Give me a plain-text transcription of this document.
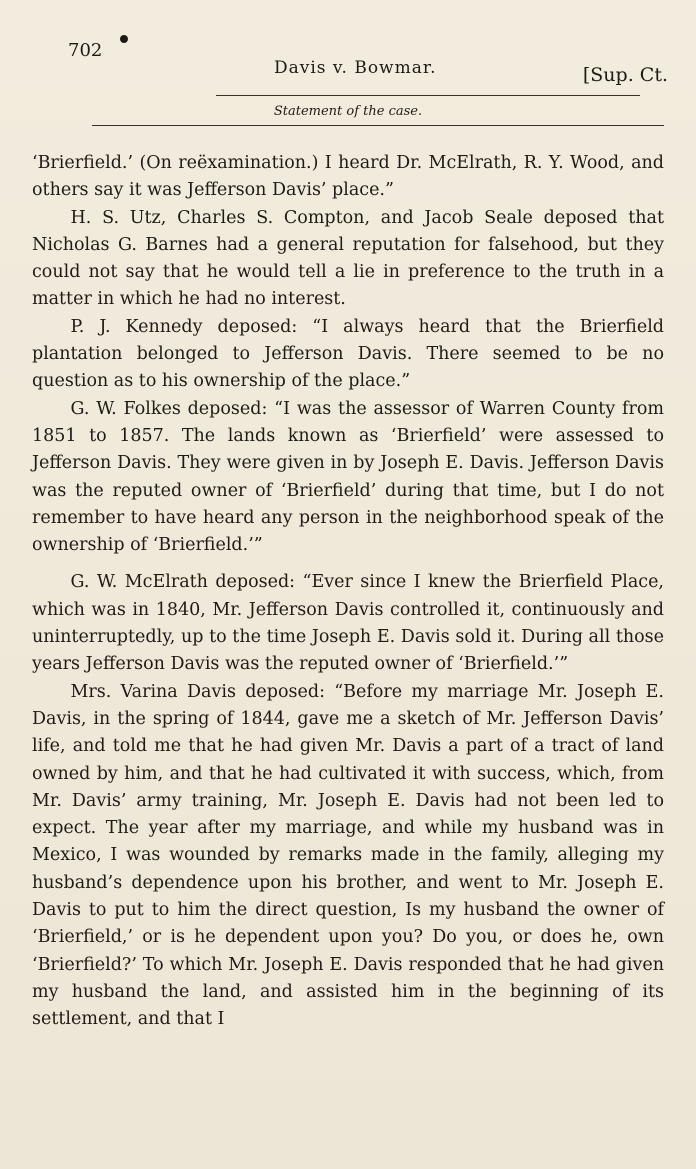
702
Davis v. Bowmar.	[Sup. Ct.
Statement of the case.

‘Brierfield.’ (On reëxamination.) I heard Dr. McElrath, R. Y. Wood, and others say it was Jefferson Davis’ place.”

H. S. Utz, Charles S. Compton, and Jacob Seale deposed that Nicholas G. Barnes had a general reputation for falsehood, but they could not say that he would tell a lie in preference to the truth in a matter in which he had no interest.

P. J. Kennedy deposed: “I always heard that the Brierfield plantation belonged to Jefferson Davis. There seemed to be no question as to his ownership of the place.”

G. W. Folkes deposed: “I was the assessor of Warren County from 1851 to 1857. The lands known as ‘Brierfield’ were assessed to Jefferson Davis. They were given in by Joseph E. Davis. Jefferson Davis was the reputed owner of ‘Brierfield’ during that time, but I do not remember to have heard any person in the neighborhood speak of the ownership of ‘Brierfield.’”

G. W. McElrath deposed: “Ever since I knew the Brierfield Place, which was in 1840, Mr. Jefferson Davis controlled it, continuously and uninterruptedly, up to the time Joseph E. Davis sold it. During all those years Jefferson Davis was the reputed owner of ‘Brierfield.’”

Mrs. Varina Davis deposed: “Before my marriage Mr. Joseph E. Davis, in the spring of 1844, gave me a sketch of Mr. Jefferson Davis’ life, and told me that he had given Mr. Davis a part of a tract of land owned by him, and that he had cultivated it with success, which, from Mr. Davis’ army training, Mr. Joseph E. Davis had not been led to expect. The year after my marriage, and while my husband was in Mexico, I was wounded by remarks made in the family, alleging my husband’s dependence upon his brother, and went to Mr. Joseph E. Davis to put to him the direct question, Is my husband the owner of ‘Brierfield,’ or is he dependent upon you? Do you, or does he, own ‘Brierfield?’ To which Mr. Joseph E. Davis responded that he had given my husband the land, and assisted him in the beginning of its settlement, and that I
